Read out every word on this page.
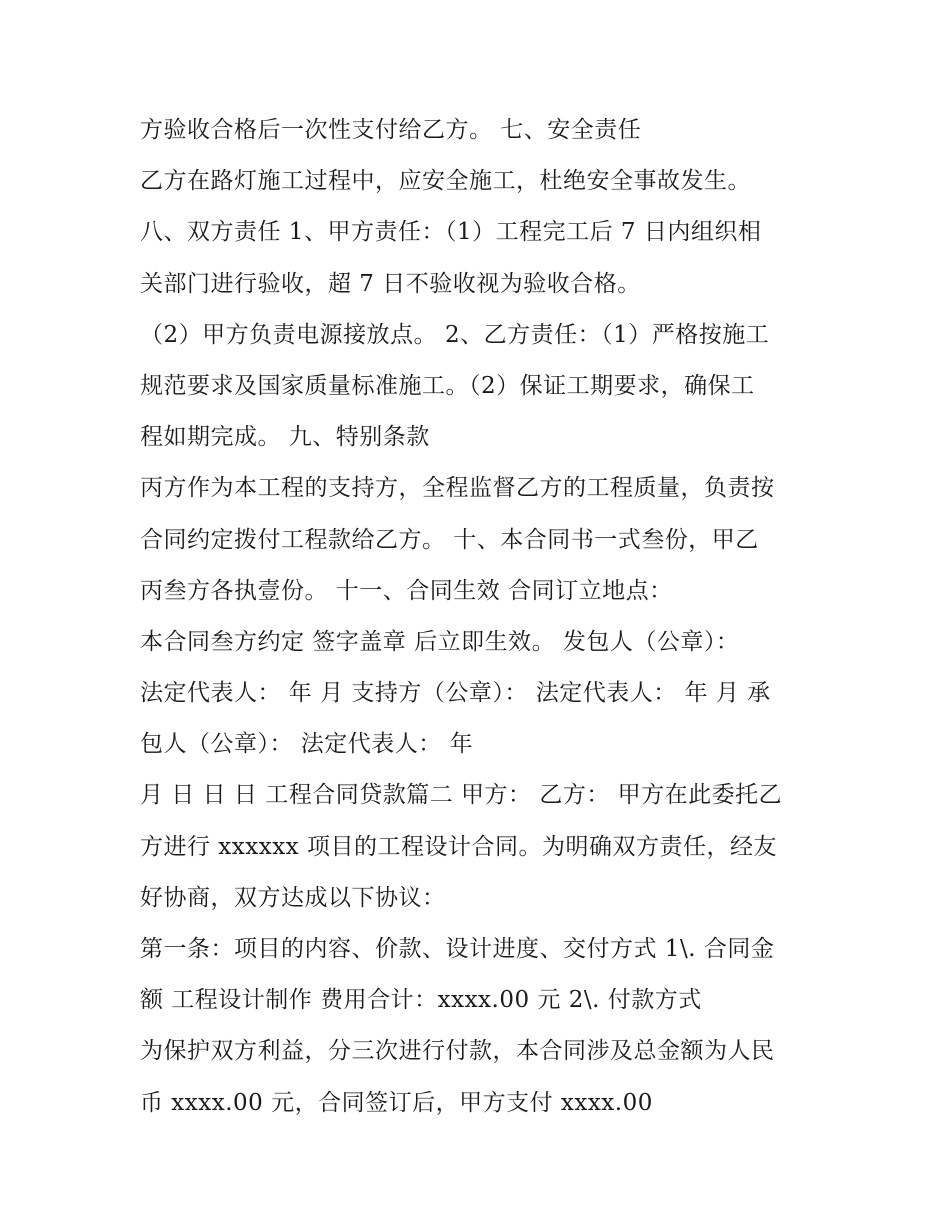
方验收合格后一次性支付给乙方。 七、安全责任
乙方在路灯施工过程中，应安全施工，杜绝安全事故发生。
八、双方责任 1、甲方责任：（1）工程完工后 7 日内组织相
关部门进行验收，超 7 日不验收视为验收合格。
（2）甲方负责电源接放点。 2、乙方责任：（1）严格按施工
规范要求及国家质量标准施工。（2）保证工期要求，确保工
程如期完成。 九、特别条款
丙方作为本工程的支持方，全程监督乙方的工程质量，负责按
合同约定拨付工程款给乙方。 十、本合同书一式叁份，甲乙
丙叁方各执壹份。 十一、合同生效 合同订立地点：
本合同叁方约定 签字盖章 后立即生效。 发包人（公章）：
法定代表人： 年 月 支持方（公章）： 法定代表人： 年 月 承
包人（公章）： 法定代表人： 年
月 日 日 日 工程合同贷款篇二 甲方： 乙方： 甲方在此委托乙
方进行 xxxxxx 项目的工程设计合同。为明确双方责任，经友
好协商，双方达成以下协议：
第一条：项目的内容、价款、设计进度、交付方式 1\. 合同金
额 工程设计制作 费用合计：xxxx.00 元 2\. 付款方式
为保护双方利益，分三次进行付款，本合同涉及总金额为人民
币 xxxx.00 元，合同签订后，甲方支付 xxxx.00
